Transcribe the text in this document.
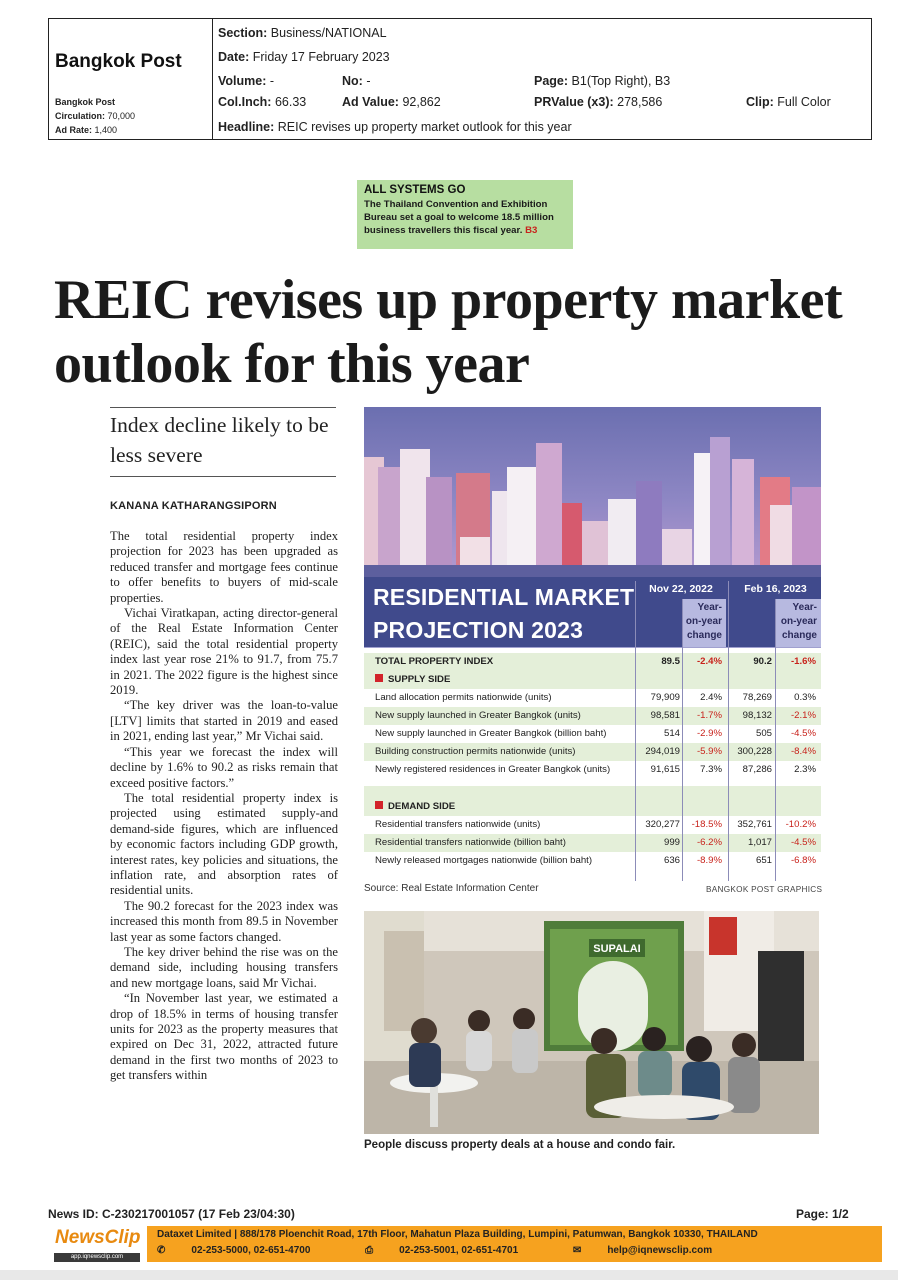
Bangkok Post
Bangkok Post
Circulation: 70,000
Ad Rate: 1,400
Section: Business/NATIONAL
Date: Friday 17 February 2023
Volume: -	No: -	Page: B1(Top Right), B3
Col.Inch: 66.33	Ad Value: 92,862	PRValue (x3): 278,586	Clip: Full Color
Headline: REIC revises up property market outlook for this year
ALL SYSTEMS GO
The Thailand Convention and Exhibition Bureau set a goal to welcome 18.5 million business travellers this fiscal year. B3
REIC revises up property market outlook for this year
Index decline likely to be less severe
KANANA KATHARANGSIPORN

The total residential property index projection for 2023 has been upgraded as reduced transfer and mortgage fees continue to offer benefits to buyers of mid-scale properties.

Vichai Viratkapan, acting director-general of the Real Estate Information Center (REIC), said the total residential property index last year rose 21% to 91.7, from 75.7 in 2021. The 2022 figure is the highest since 2019.

“The key driver was the loan-to-value [LTV] limits that started in 2019 and eased in 2021, ending last year,” Mr Vichai said.

“This year we forecast the index will decline by 1.6% to 90.2 as risks remain that exceed positive factors.”

The total residential property index is projected using estimated supply-and demand-side figures, which are influenced by economic factors including GDP growth, interest rates, key policies and situations, the inflation rate, and absorption rates of residential units.

The 90.2 forecast for the 2023 index was increased this month from 89.5 in November last year as some factors changed.

The key driver behind the rise was on the demand side, including housing transfers and new mortgage loans, said Mr Vichai.

“In November last year, we estimated a drop of 18.5% in terms of housing transfer units for 2023 as the property measures that expired on Dec 31, 2022, attracted future demand in the first two months of 2023 to get transfers within

RESIDENTIAL MARKET
PROJECTION 2023
Nov 22, 2022	Feb 16, 2023
Year-
on-year
change
Year-
on-year
change
TOTAL PROPERTY INDEX	89.5	-2.4%	90.2	-1.6%
SUPPLY SIDE
Land allocation permits nationwide (units)	79,909	2.4%	78,269	0.3%
New supply launched in Greater Bangkok (units)	98,581	-1.7%	98,132	-2.1%
New supply launched in Greater Bangkok (billion baht)	514	-2.9%	505	-4.5%
Building construction permits nationwide (units)	294,019	-5.9%	300,228	-8.4%
Newly registered residences in Greater Bangkok (units)	91,615	7.3%	87,286	2.3%
DEMAND SIDE
Residential transfers nationwide (units)	320,277	-18.5%	352,761	-10.2%
Residential transfers nationwide (billion baht)	999	-6.2%	1,017	-4.5%
Newly released mortgages nationwide (billion baht)	636	-8.9%	651	-6.8%
Source: Real Estate Information Center	BANGKOK POST GRAPHICS
SUPALAI
People discuss property deals at a house and condo fair.
News ID: C-230217001057 (17 Feb 23/04:30)	Page: 1/2
NewsClip
app.iqnewsclip.com
Dataxet Limited | 888/178 Ploenchit Road, 17th Floor, Mahatun Plaza Building, Lumpini, Patumwan, Bangkok 10330, THAILAND
✆	02-253-5000, 02-651-4700	⎙	02-253-5001, 02-651-4701	✉	help@iqnewsclip.com
